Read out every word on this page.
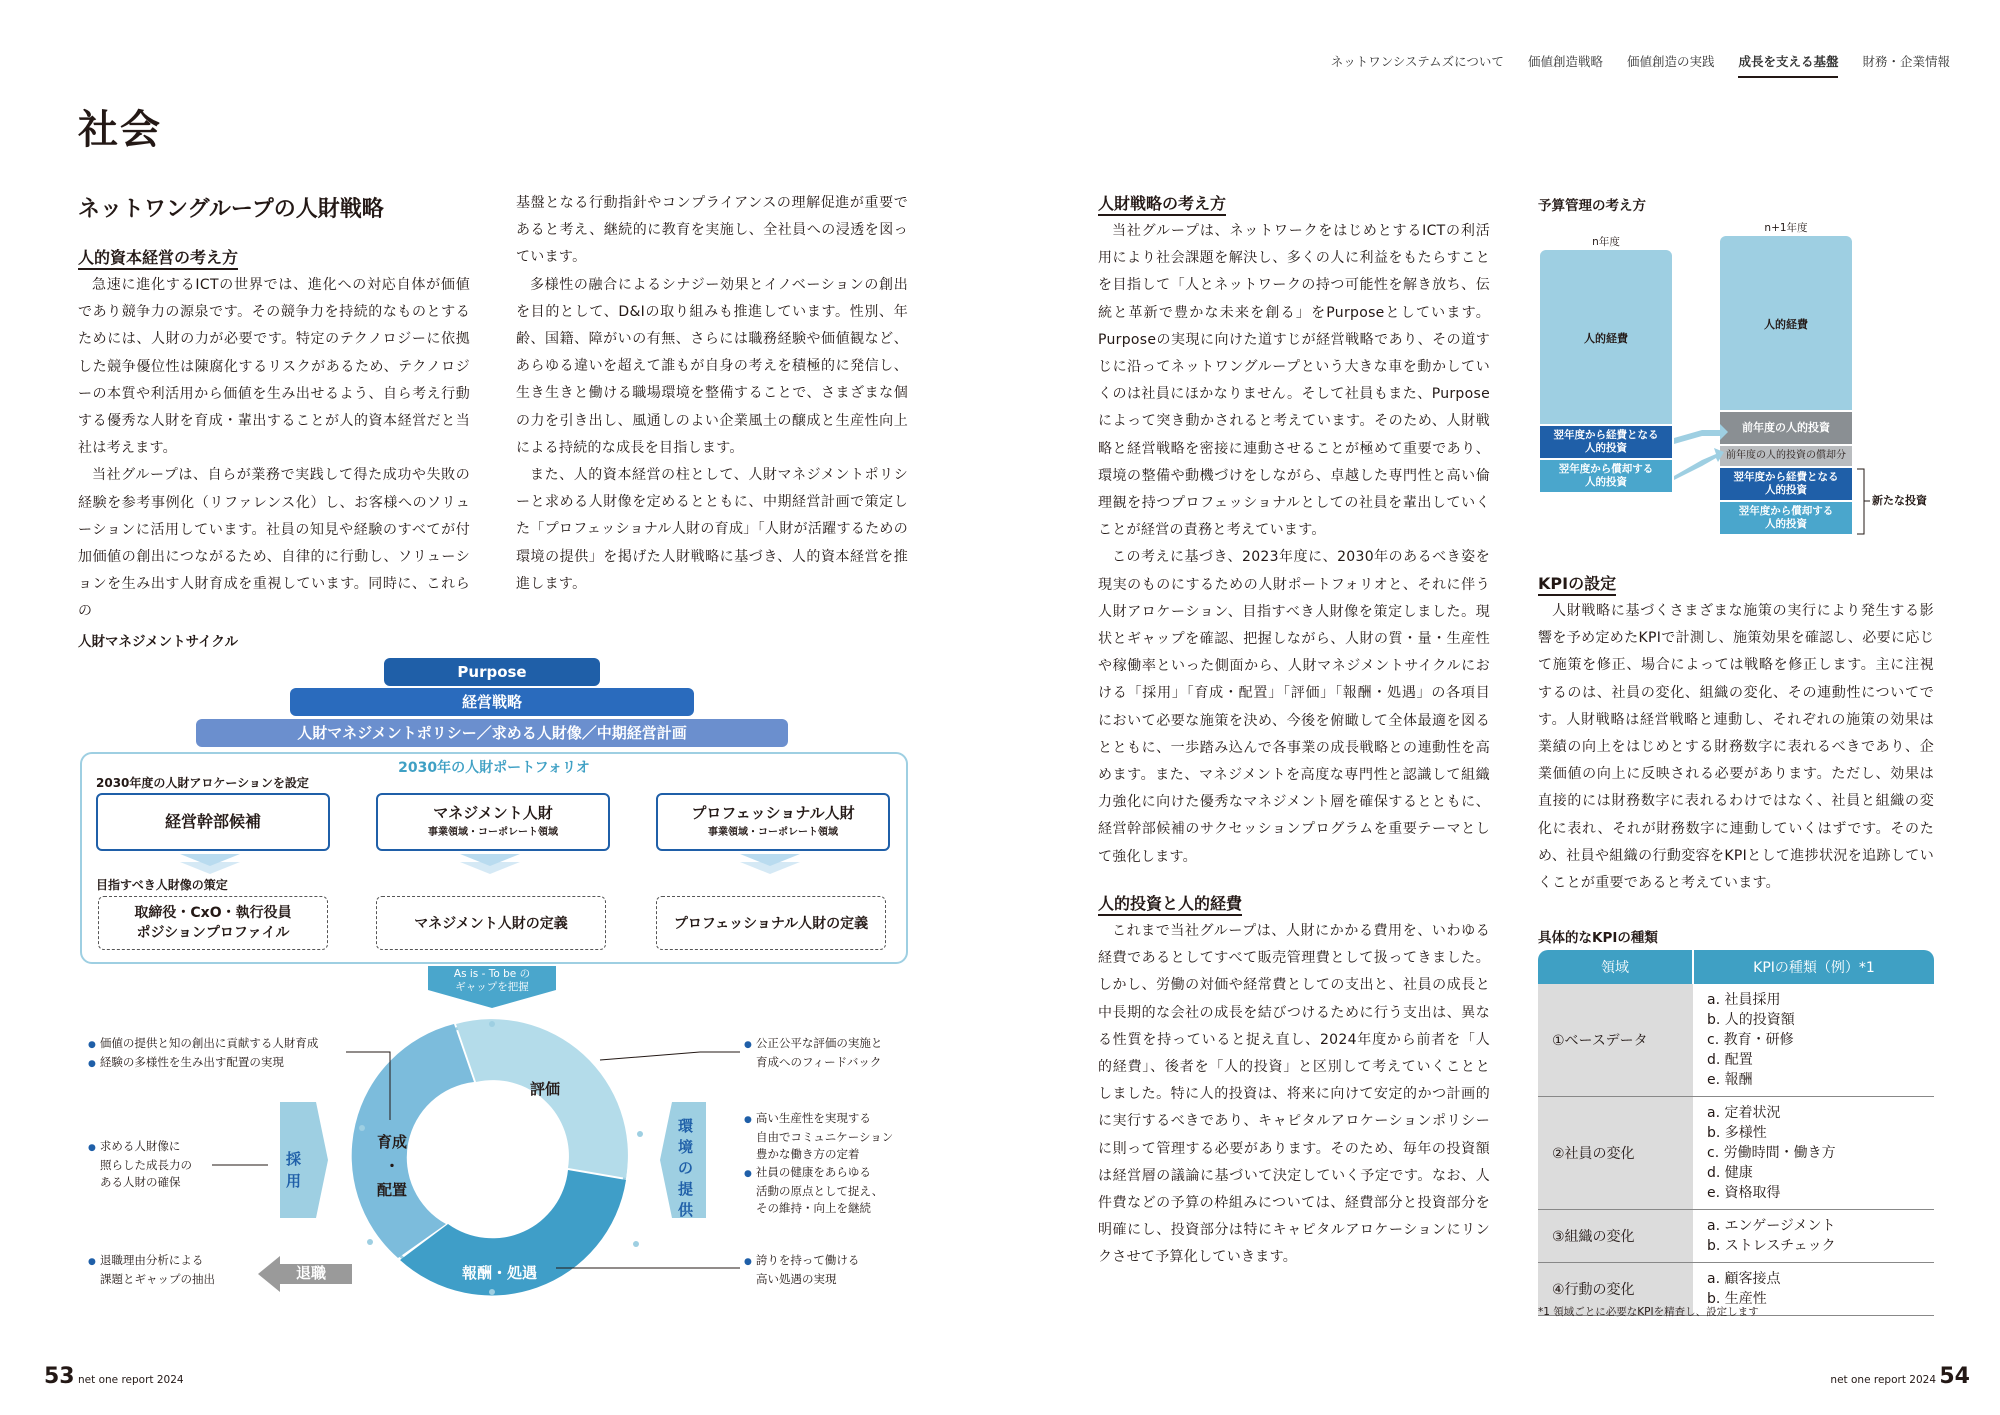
ネットワンシステムズについて 価値創造戦略 価値創造の実践 成長を支える基盤 財務・企業情報
社会
ネットワングループの人財戦略
人的資本経営の考え方

急速に進化するICTの世界では、進化への対応自体が価値であり競争力の源泉です。その競争力を持続的なものとするためには、人財の力が必要です。特定のテクノロジーに依拠した競争優位性は陳腐化するリスクがあるため、テクノロジーの本質や利活用から価値を生み出せるよう、自ら考え行動する優秀な人財を育成・輩出することが人的資本経営だと当社は考えます。

当社グループは、自らが業務で実践して得た成功や失敗の経験を参考事例化（リファレンス化）し、お客様へのソリューションに活用しています。社員の知見や経験のすべてが付加価値の創出につながるため、自律的に行動し、ソリューションを生み出す人財育成を重視しています。同時に、これらの

基盤となる行動指針やコンプライアンスの理解促進が重要であると考え、継続的に教育を実施し、全社員への浸透を図っています。

多様性の融合によるシナジー効果とイノベーションの創出を目的として、D&Iの取り組みも推進しています。性別、年齢、国籍、障がいの有無、さらには職務経験や価値観など、あらゆる違いを超えて誰もが自身の考えを積極的に発信し、生き生きと働ける職場環境を整備することで、さまざまな個の力を引き出し、風通しのよい企業風土の醸成と生産性向上による持続的な成長を目指します。

また、人的資本経営の柱として、人財マネジメントポリシーと求める人財像を定めるとともに、中期経営計画で策定した「プロフェッショナル人財の育成」「人財が活躍するための環境の提供」を掲げた人財戦略に基づき、人的資本経営を推進します。

人財マネジメントサイクル
Purpose
経営戦略
人財マネジメントポリシー／求める人財像／中期経営計画
2030年の人財ポートフォリオ
2030年度の人財アロケーションを設定
経営幹部候補	マネジメント人財
事業領域・コーポレート領域
プロフェッショナル人財
事業領域・コーポレート領域
目指すべき人財像の策定
取締役・CxO・執行役員
ポジションプロファイル
マネジメント人財の定義	プロフェッショナル人財の定義
As is - To be の
ギャップを把握
育成
・
配置
評価
報酬・処遇
採
用
環
境
の
提
供
退職
● 価値の提供と知の創出に貢献する人財育成
● 経験の多様性を生み出す配置の実現
● 求める人財像に
照らした成長力の
ある人財の確保
● 退職理由分析による
課題とギャップの抽出
● 公正公平な評価の実施と
育成へのフィードバック
● 高い生産性を実現する
自由でコミュニケーション
豊かな働き方の定着
● 社員の健康をあらゆる
活動の原点として捉え、
その維持・向上を継続
● 誇りを持って働ける
高い処遇の実現
人財戦略の考え方

当社グループは、ネットワークをはじめとするICTの利活用により社会課題を解決し、多くの人に利益をもたらすことを目指して「人とネットワークの持つ可能性を解き放ち、伝統と革新で豊かな未来を創る」をPurposeとしています。Purposeの実現に向けた道すじが経営戦略であり、その道すじに沿ってネットワングループという大きな車を動かしていくのは社員にほかなりません。そして社員もまた、Purposeによって突き動かされると考えています。そのため、人財戦略と経営戦略を密接に連動させることが極めて重要であり、環境の整備や動機づけをしながら、卓越した専門性と高い倫理観を持つプロフェッショナルとしての社員を輩出していくことが経営の責務と考えています。

この考えに基づき、2023年度に、2030年のあるべき姿を現実のものにするための人財ポートフォリオと、それに伴う人財アロケーション、目指すべき人財像を策定しました。現状とギャップを確認、把握しながら、人財の質・量・生産性や稼働率といった側面から、人財マネジメントサイクルにおける「採用」「育成・配置」「評価」「報酬・処遇」の各項目において必要な施策を決め、今後を俯瞰して全体最適を図るとともに、一歩踏み込んで各事業の成長戦略との連動性を高めます。また、マネジメントを高度な専門性と認識して組織力強化に向けた優秀なマネジメント層を確保するとともに、経営幹部候補のサクセッションプログラムを重要テーマとして強化します。

人的投資と人的経費

これまで当社グループは、人財にかかる費用を、いわゆる経費であるとしてすべて販売管理費として扱ってきました。しかし、労働の対価や経常費としての支出と、社員の成長と中長期的な会社の成長を結びつけるために行う支出は、異なる性質を持っていると捉え直し、2024年度から前者を「人的経費」、後者を「人的投資」と区別して考えていくこととしました。特に人的投資は、将来に向けて安定的かつ計画的に実行するべきであり、キャピタルアロケーションポリシーに則って管理する必要があります。そのため、毎年の投資額は経営層の議論に基づいて決定していく予定です。なお、人件費などの予算の枠組みについては、経費部分と投資部分を明確にし、投資部分は特にキャピタルアロケーションにリンクさせて予算化していきます。

予算管理の考え方
n年度
n+1年度
人的経費
翌年度から経費となる
人的投資
翌年度から償却する
人的投資
人的経費
前年度の人的投資
前年度の人的投資の償却分
翌年度から経費となる
人的投資
翌年度から償却する
人的投資
新たな投資
KPIの設定

人財戦略に基づくさまざまな施策の実行により発生する影響を予め定めたKPIで計測し、施策効果を確認し、必要に応じて施策を修正、場合によっては戦略を修正します。主に注視するのは、社員の変化、組織の変化、その連動性についてです。人財戦略は経営戦略と連動し、それぞれの施策の効果は業績の向上をはじめとする財務数字に表れるべきであり、企業価値の向上に反映される必要があります。ただし、効果は直接的には財務数字に表れるわけではなく、社員と組織の変化に表れ、それが財務数字に連動していくはずです。そのため、社員や組織の行動変容をKPIとして進捗状況を追跡していくことが重要であると考えています。

具体的なKPIの種類
領域	KPIの種類（例）*1
①ベースデータ	a. 社員採用
b. 人的投資額
c. 教育・研修
d. 配置
e. 報酬

②社員の変化	a. 定着状況
b. 多様性
c. 労働時間・働き方
d. 健康
e. 資格取得

③組織の変化	a. エンゲージメント
b. ストレスチェック

④行動の変化	a. 顧客接点
b. 生産性
*1 領域ごとに必要なKPIを精査し、設定します
53 net one report 2024	net one report 2024 54
